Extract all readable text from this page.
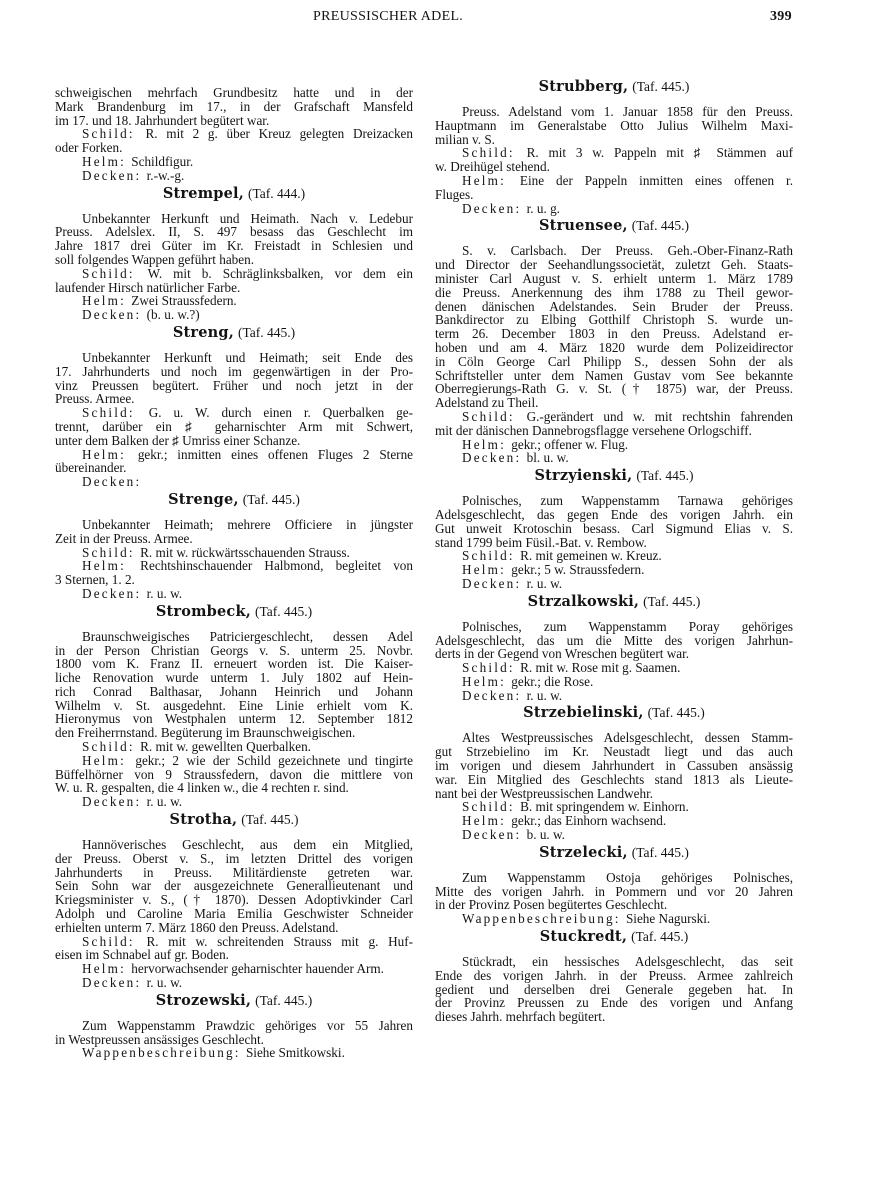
PREUSSISCHER ADEL.	399
schweigischen mehrfach Grundbesitz hatte und in der
Mark Brandenburg im 17., in der Grafschaft Mansfeld
im 17. und 18. Jahrhundert begütert war.
Schild: R. mit 2 g. über Kreuz gelegten Dreizacken
oder Forken.
Helm: Schildfigur.
Decken: r.-w.-g.
Strempel, (Taf. 444.)
Unbekannter Herkunft und Heimath. Nach v. Ledebur
Preuss. Adelslex. II, S. 497 besass das Geschlecht im
Jahre 1817 drei Güter im Kr. Freistadt in Schlesien und
soll folgendes Wappen geführt haben.
Schild: W. mit b. Schräglinksbalken, vor dem ein
laufender Hirsch natürlicher Farbe.
Helm: Zwei Straussfedern.
Decken: (b. u. w.?)
Streng, (Taf. 445.)
Unbekannter Herkunft und Heimath; seit Ende des
17. Jahrhunderts und noch im gegenwärtigen in der Pro-
vinz Preussen begütert. Früher und noch jetzt in der
Preuss. Armee.
Schild: G. u. W. durch einen r. Querbalken ge-
trennt, darüber ein ♯ geharnischter Arm mit Schwert,
unter dem Balken der ♯ Umriss einer Schanze.
Helm: gekr.; inmitten eines offenen Fluges 2 Sterne
übereinander.
Decken:
Strenge, (Taf. 445.)
Unbekannter Heimath; mehrere Officiere in jüngster
Zeit in der Preuss. Armee.
Schild: R. mit w. rückwärtsschauenden Strauss.
Helm: Rechtshinschauender Halbmond, begleitet von
3 Sternen, 1. 2.
Decken: r. u. w.
Strombeck, (Taf. 445.)
Braunschweigisches Patriciergeschlecht, dessen Adel
in der Person Christian Georgs v. S. unterm 25. Novbr.
1800 vom K. Franz II. erneuert worden ist. Die Kaiser-
liche Renovation wurde unterm 1. July 1802 auf Hein-
rich Conrad Balthasar, Johann Heinrich und Johann
Wilhelm v. St. ausgedehnt. Eine Linie erhielt vom K.
Hieronymus von Westphalen unterm 12. September 1812
den Freiherrnstand. Begüterung im Braunschweigischen.
Schild: R. mit w. gewellten Querbalken.
Helm: gekr.; 2 wie der Schild gezeichnete und tingirte
Büffelhörner von 9 Straussfedern, davon die mittlere von
W. u. R. gespalten, die 4 linken w., die 4 rechten r. sind.
Decken: r. u. w.
Strotha, (Taf. 445.)
Hannöverisches Geschlecht, aus dem ein Mitglied,
der Preuss. Oberst v. S., im letzten Drittel des vorigen
Jahrhunderts in Preuss. Militärdienste getreten war.
Sein Sohn war der ausgezeichnete Generallieutenant und
Kriegsminister v. S., († 1870). Dessen Adoptivkinder Carl
Adolph und Caroline Maria Emilia Geschwister Schneider
erhielten unterm 7. März 1860 den Preuss. Adelstand.
Schild: R. mit w. schreitenden Strauss mit g. Huf-
eisen im Schnabel auf gr. Boden.
Helm: hervorwachsender geharnischter hauender Arm.
Decken: r. u. w.
Strozewski, (Taf. 445.)
Zum Wappenstamm Prawdzic gehöriges vor 55 Jahren
in Westpreussen ansässiges Geschlecht.
Wappenbeschreibung: Siehe Smitkowski.
Strubberg, (Taf. 445.)
Preuss. Adelstand vom 1. Januar 1858 für den Preuss.
Hauptmann im Generalstabe Otto Julius Wilhelm Maxi-
milian v. S.
Schild: R. mit 3 w. Pappeln mit ♯ Stämmen auf
w. Dreihügel stehend.
Helm: Eine der Pappeln inmitten eines offenen r.
Fluges.
Decken: r. u. g.
Struensee, (Taf. 445.)
S. v. Carlsbach. Der Preuss. Geh.-Ober-Finanz-Rath
und Director der Seehandlungssocietät, zuletzt Geh. Staats-
minister Carl August v. S. erhielt unterm 1. März 1789
die Preuss. Anerkennung des ihm 1788 zu Theil gewor-
denen dänischen Adelstandes. Sein Bruder der Preuss.
Bankdirector zu Elbing Gotthilf Christoph S. wurde un-
term 26. December 1803 in den Preuss. Adelstand er-
hoben und am 4. März 1820 wurde dem Polizeidirector
in Cöln George Carl Philipp S., dessen Sohn der als
Schriftsteller unter dem Namen Gustav vom See bekannte
Oberregierungs-Rath G. v. St. († 1875) war, der Preuss.
Adelstand zu Theil.
Schild: G.-gerändert und w. mit rechtshin fahrenden
mit der dänischen Dannebrogsflagge versehene Orlogschiff.
Helm: gekr.; offener w. Flug.
Decken: bl. u. w.
Strzyienski, (Taf. 445.)
Polnisches, zum Wappenstamm Tarnawa gehöriges
Adelsgeschlecht, das gegen Ende des vorigen Jahrh. ein
Gut unweit Krotoschin besass. Carl Sigmund Elias v. S.
stand 1799 beim Füsil.-Bat. v. Rembow.
Schild: R. mit gemeinen w. Kreuz.
Helm: gekr.; 5 w. Straussfedern.
Decken: r. u. w.
Strzalkowski, (Taf. 445.)
Polnisches, zum Wappenstamm Poray gehöriges
Adelsgeschlecht, das um die Mitte des vorigen Jahrhun-
derts in der Gegend von Wreschen begütert war.
Schild: R. mit w. Rose mit g. Saamen.
Helm: gekr.; die Rose.
Decken: r. u. w.
Strzebielinski, (Taf. 445.)
Altes Westpreussisches Adelsgeschlecht, dessen Stamm-
gut Strzebielino im Kr. Neustadt liegt und das auch
im vorigen und diesem Jahrhundert in Cassuben ansässig
war. Ein Mitglied des Geschlechts stand 1813 als Lieute-
nant bei der Westpreussischen Landwehr.
Schild: B. mit springendem w. Einhorn.
Helm: gekr.; das Einhorn wachsend.
Decken: b. u. w.
Strzelecki, (Taf. 445.)
Zum Wappenstamm Ostoja gehöriges Polnisches,
Mitte des vorigen Jahrh. in Pommern und vor 20 Jahren
in der Provinz Posen begütertes Geschlecht.
Wappenbeschreibung: Siehe Nagurski.
Stuckredt, (Taf. 445.)
Stückradt, ein hessisches Adelsgeschlecht, das seit
Ende des vorigen Jahrh. in der Preuss. Armee zahlreich
gedient und derselben drei Generale gegeben hat. In
der Provinz Preussen zu Ende des vorigen und Anfang
dieses Jahrh. mehrfach begütert.
